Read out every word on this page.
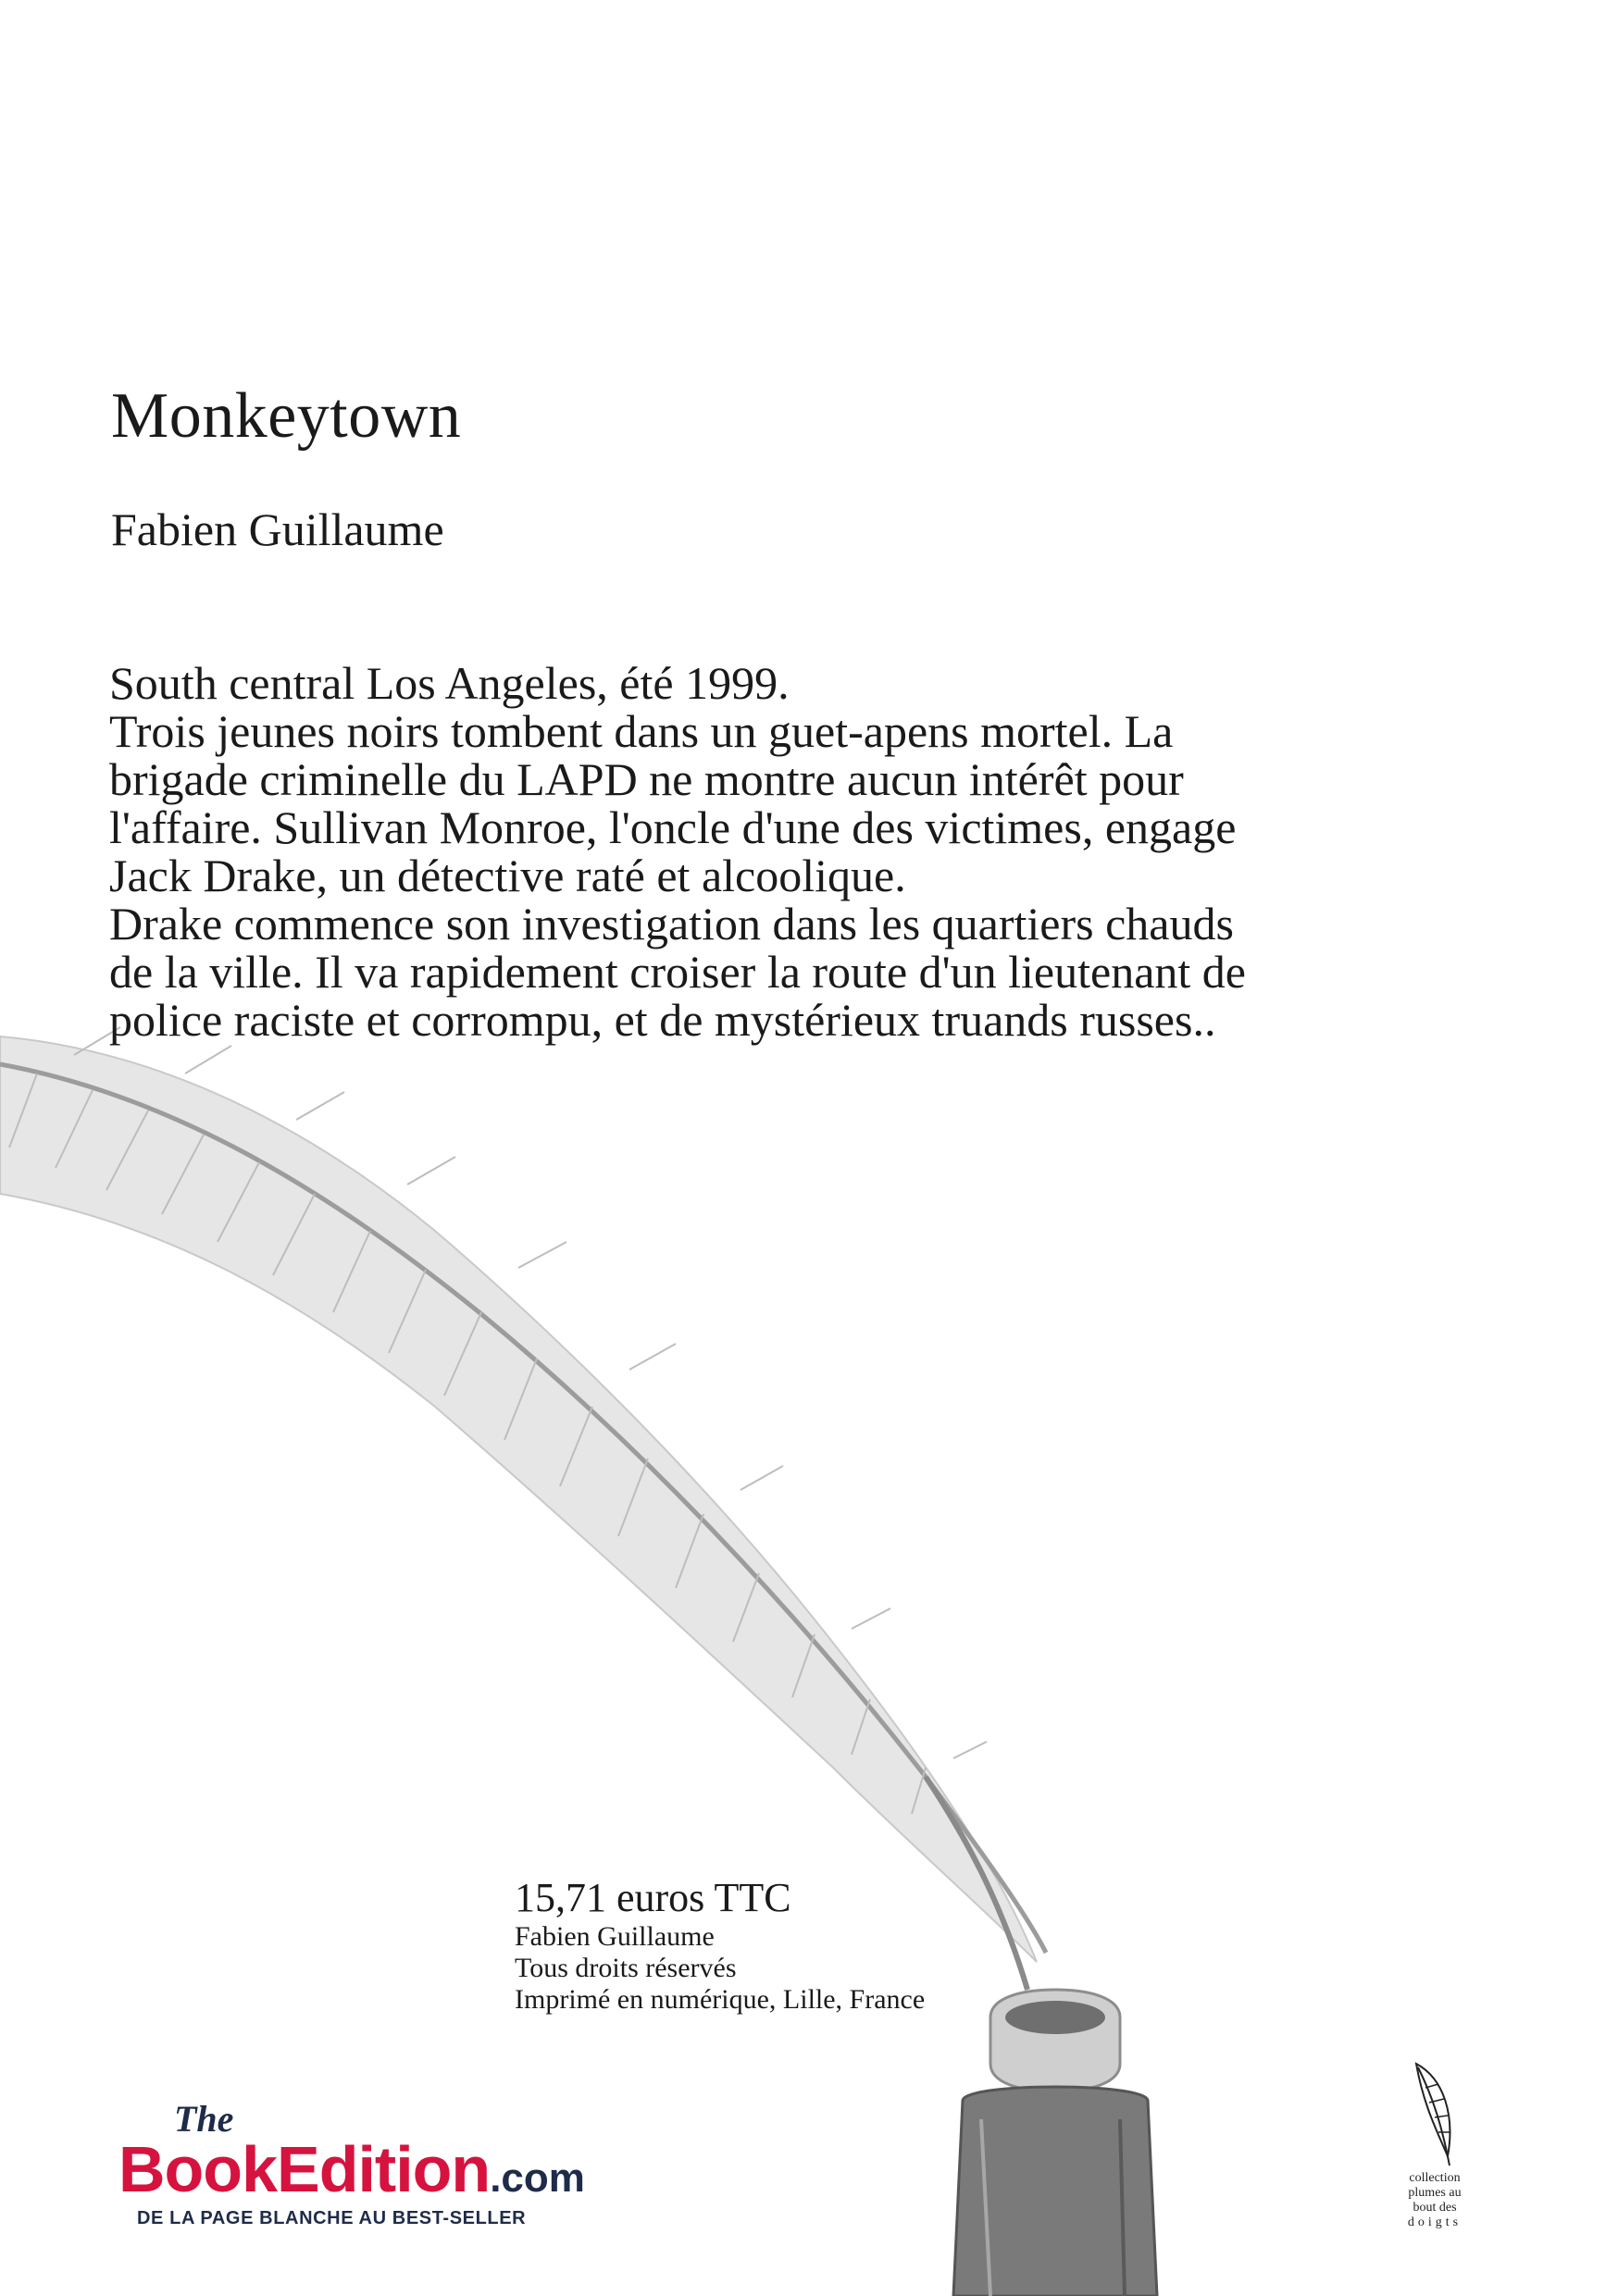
Monkeytown

Fabien Guillaume

South central Los Angeles, été 1999.

Trois jeunes noirs tombent dans un guet-apens mortel. La brigade criminelle du LAPD ne montre aucun intérêt pour l'affaire. Sullivan Monroe, l'oncle d'une des victimes, engage Jack Drake, un détective raté et alcoolique.

Drake commence son investigation dans les quartiers chauds de la ville. Il va rapidement croiser la route d'un lieutenant de police raciste et corrompu, et de mystérieux truands russes..

15,71 euros TTC

Fabien Guillaume

Tous droits réservés

Imprimé en numérique, Lille, France

The
BookEdition.com
DE LA PAGE BLANCHE AU BEST-SELLER

collection

plumes au

bout des

doigts
